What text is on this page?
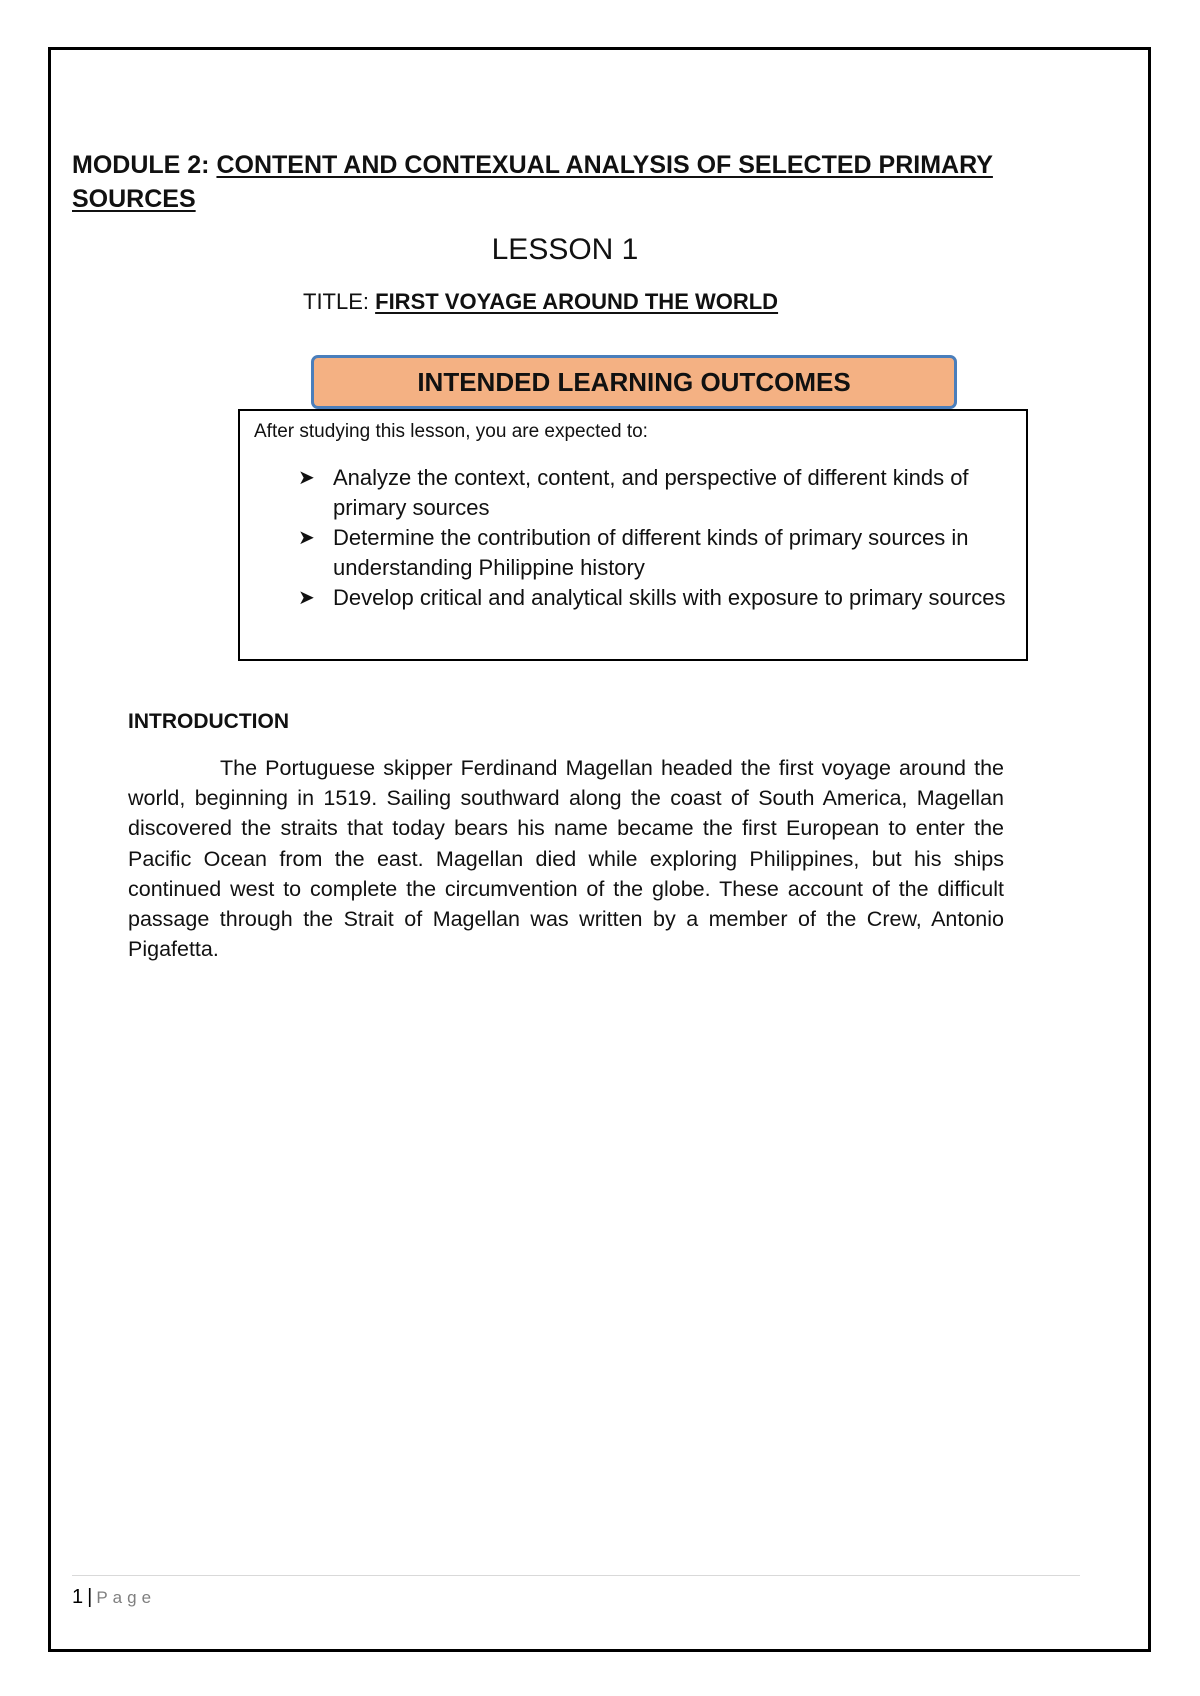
MODULE 2: CONTENT AND CONTEXUAL ANALYSIS OF SELECTED PRIMARY SOURCES
LESSON 1
TITLE: FIRST VOYAGE AROUND THE WORLD
INTENDED LEARNING OUTCOMES
After studying this lesson, you are expected to:
➤ Analyze the context, content, and perspective of different kinds of primary sources
➤ Determine the contribution of different kinds of primary sources in understanding Philippine history
➤ Develop critical and analytical skills with exposure to primary sources
INTRODUCTION

The Portuguese skipper Ferdinand Magellan headed the first voyage around the world, beginning in 1519. Sailing southward along the coast of South America, Magellan discovered the straits that today bears his name became the first European to enter the Pacific Ocean from the east. Magellan died while exploring Philippines, but his ships continued west to complete the circumvention of the globe. These account of the difficult passage through the Strait of Magellan was written by a member of the Crew, Antonio Pigafetta.

1 | Page
